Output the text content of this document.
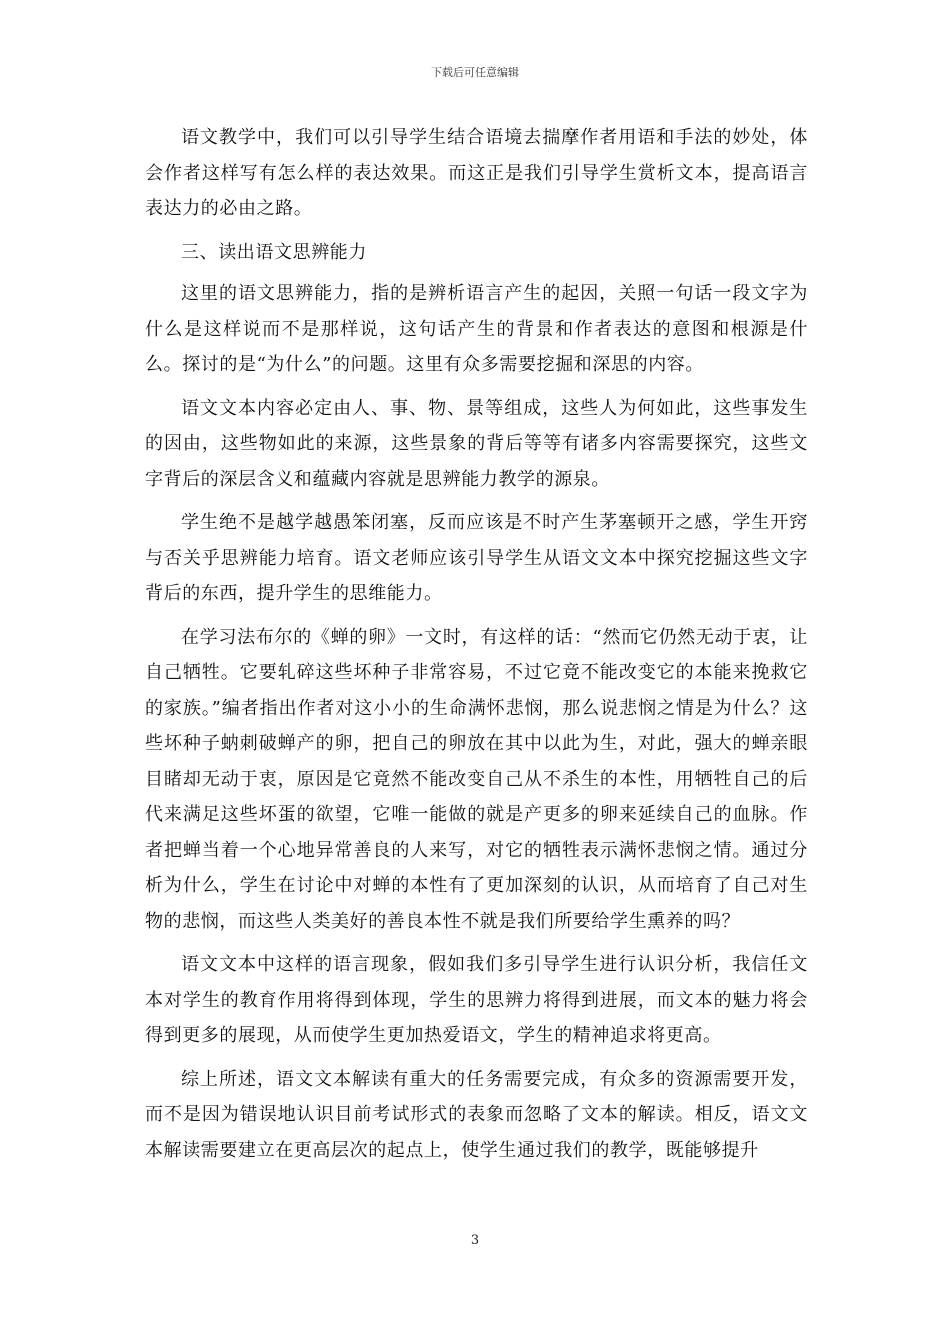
下载后可任意编辑

语文教学中，我们可以引导学生结合语境去揣摩作者用语和手法的妙处，体会作者这样写有怎么样的表达效果。而这正是我们引导学生赏析文本，提高语言表达力的必由之路。

三、读出语文思辨能力

这里的语文思辨能力，指的是辨析语言产生的起因，关照一句话一段文字为什么是这样说而不是那样说，这句话产生的背景和作者表达的意图和根源是什么。探讨的是“为什么”的问题。这里有众多需要挖掘和深思的内容。

语文文本内容必定由人、事、物、景等组成，这些人为何如此，这些事发生的因由，这些物如此的来源，这些景象的背后等等有诸多内容需要探究，这些文字背后的深层含义和蕴藏内容就是思辨能力教学的源泉。

学生绝不是越学越愚笨闭塞，反而应该是不时产生茅塞顿开之感，学生开窍与否关乎思辨能力培育。语文老师应该引导学生从语文文本中探究挖掘这些文字背后的东西，提升学生的思维能力。

在学习法布尔的《蝉的卵》一文时，有这样的话：“然而它仍然无动于衷，让自己牺牲。它要轧碎这些坏种子非常容易，不过它竟不能改变它的本能来挽救它的家族。”编者指出作者对这小小的生命满怀悲悯，那么说悲悯之情是为什么？这些坏种子蚋刺破蝉产的卵，把自己的卵放在其中以此为生，对此，强大的蝉亲眼目睹却无动于衷，原因是它竟然不能改变自己从不杀生的本性，用牺牲自己的后代来满足这些坏蛋的欲望，它唯一能做的就是产更多的卵来延续自己的血脉。作者把蝉当着一个心地异常善良的人来写，对它的牺牲表示满怀悲悯之情。通过分析为什么，学生在讨论中对蝉的本性有了更加深刻的认识，从而培育了自己对生物的悲悯，而这些人类美好的善良本性不就是我们所要给学生熏养的吗？

语文文本中这样的语言现象，假如我们多引导学生进行认识分析，我信任文本对学生的教育作用将得到体现，学生的思辨力将得到进展，而文本的魅力将会得到更多的展现，从而使学生更加热爱语文，学生的精神追求将更高。

综上所述，语文文本解读有重大的任务需要完成，有众多的资源需要开发，而不是因为错误地认识目前考试形式的表象而忽略了文本的解读。相反，语文文本解读需要建立在更高层次的起点上，使学生通过我们的教学，既能够提升

3
